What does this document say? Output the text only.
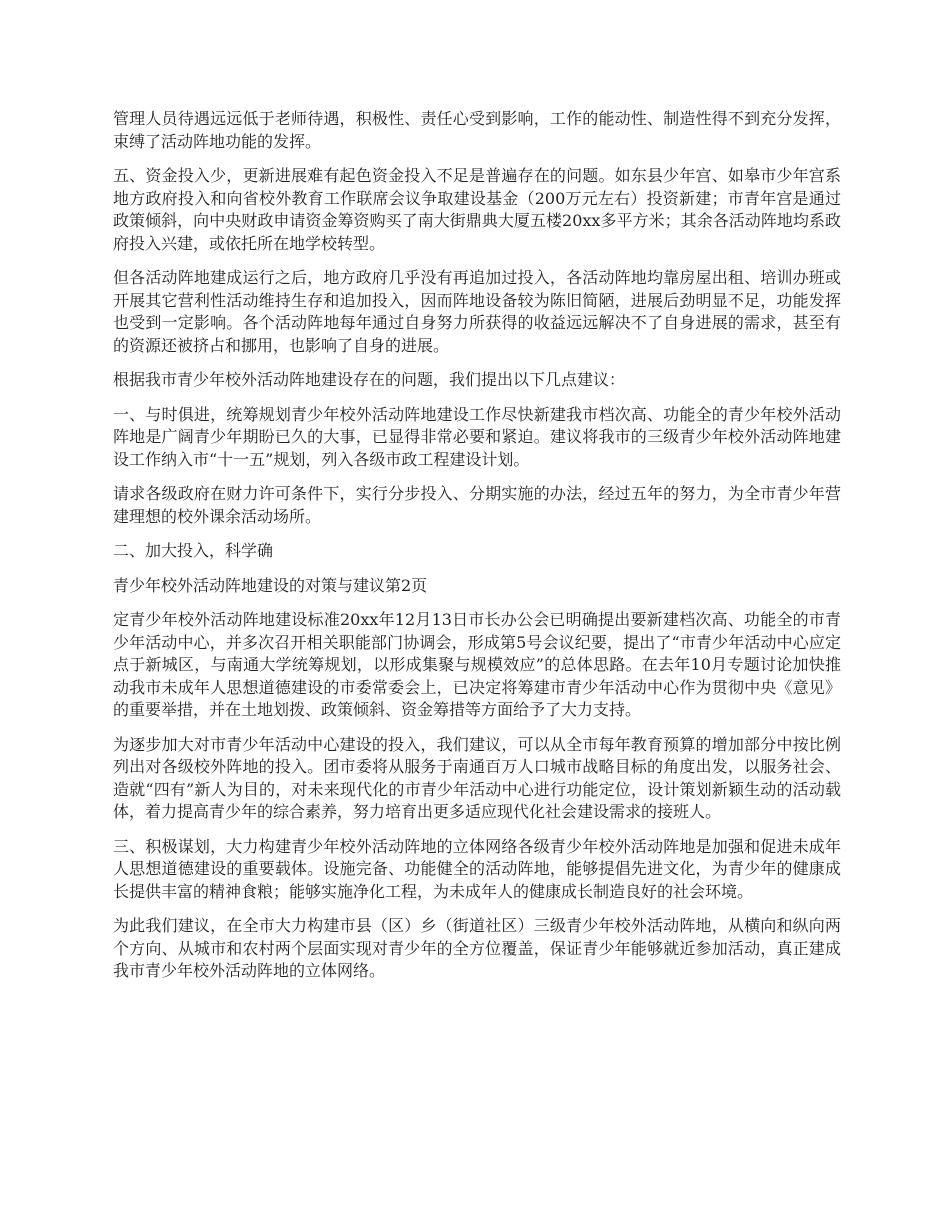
管理人员待遇远远低于老师待遇，积极性、责任心受到影响，工作的能动性、制造性得不到充分发挥，束缚了活动阵地功能的发挥。

五、资金投入少，更新进展难有起色资金投入不足是普遍存在的问题。如东县少年宫、如皋市少年宫系地方政府投入和向省校外教育工作联席会议争取建设基金（200万元左右）投资新建；市青年宫是通过政策倾斜，向中央财政申请资金筹资购买了南大街鼎典大厦五楼20xx多平方米；其余各活动阵地均系政府投入兴建，或依托所在地学校转型。

但各活动阵地建成运行之后，地方政府几乎没有再追加过投入，各活动阵地均靠房屋出租、培训办班或开展其它营利性活动维持生存和追加投入，因而阵地设备较为陈旧简陋，进展后劲明显不足，功能发挥也受到一定影响。各个活动阵地每年通过自身努力所获得的收益远远解决不了自身进展的需求，甚至有的资源还被挤占和挪用，也影响了自身的进展。

根据我市青少年校外活动阵地建设存在的问题，我们提出以下几点建议：

一、与时俱进，统筹规划青少年校外活动阵地建设工作尽快新建我市档次高、功能全的青少年校外活动阵地是广阔青少年期盼已久的大事，已显得非常必要和紧迫。建议将我市的三级青少年校外活动阵地建设工作纳入市“十一五”规划，列入各级市政工程建设计划。

请求各级政府在财力许可条件下，实行分步投入、分期实施的办法，经过五年的努力，为全市青少年营建理想的校外课余活动场所。

二、加大投入，科学确

青少年校外活动阵地建设的对策与建议第2页

定青少年校外活动阵地建设标准20xx年12月13日市长办公会已明确提出要新建档次高、功能全的市青少年活动中心，并多次召开相关职能部门协调会，形成第5号会议纪要，提出了“市青少年活动中心应定点于新城区，与南通大学统筹规划，以形成集聚与规模效应”的总体思路。在去年10月专题讨论加快推动我市未成年人思想道德建设的市委常委会上，已决定将筹建市青少年活动中心作为贯彻中央《意见》的重要举措，并在土地划拨、政策倾斜、资金筹措等方面给予了大力支持。

为逐步加大对市青少年活动中心建设的投入，我们建议，可以从全市每年教育预算的增加部分中按比例列出对各级校外阵地的投入。团市委将从服务于南通百万人口城市战略目标的角度出发，以服务社会、造就“四有”新人为目的，对未来现代化的市青少年活动中心进行功能定位，设计策划新颖生动的活动载体，着力提高青少年的综合素养，努力培育出更多适应现代化社会建设需求的接班人。

三、积极谋划，大力构建青少年校外活动阵地的立体网络各级青少年校外活动阵地是加强和促进未成年人思想道德建设的重要载体。设施完备、功能健全的活动阵地，能够提倡先进文化，为青少年的健康成长提供丰富的精神食粮；能够实施净化工程，为未成年人的健康成长制造良好的社会环境。

为此我们建议，在全市大力构建市县（区）乡（街道社区）三级青少年校外活动阵地，从横向和纵向两个方向、从城市和农村两个层面实现对青少年的全方位覆盖，保证青少年能够就近参加活动，真正建成我市青少年校外活动阵地的立体网络。
